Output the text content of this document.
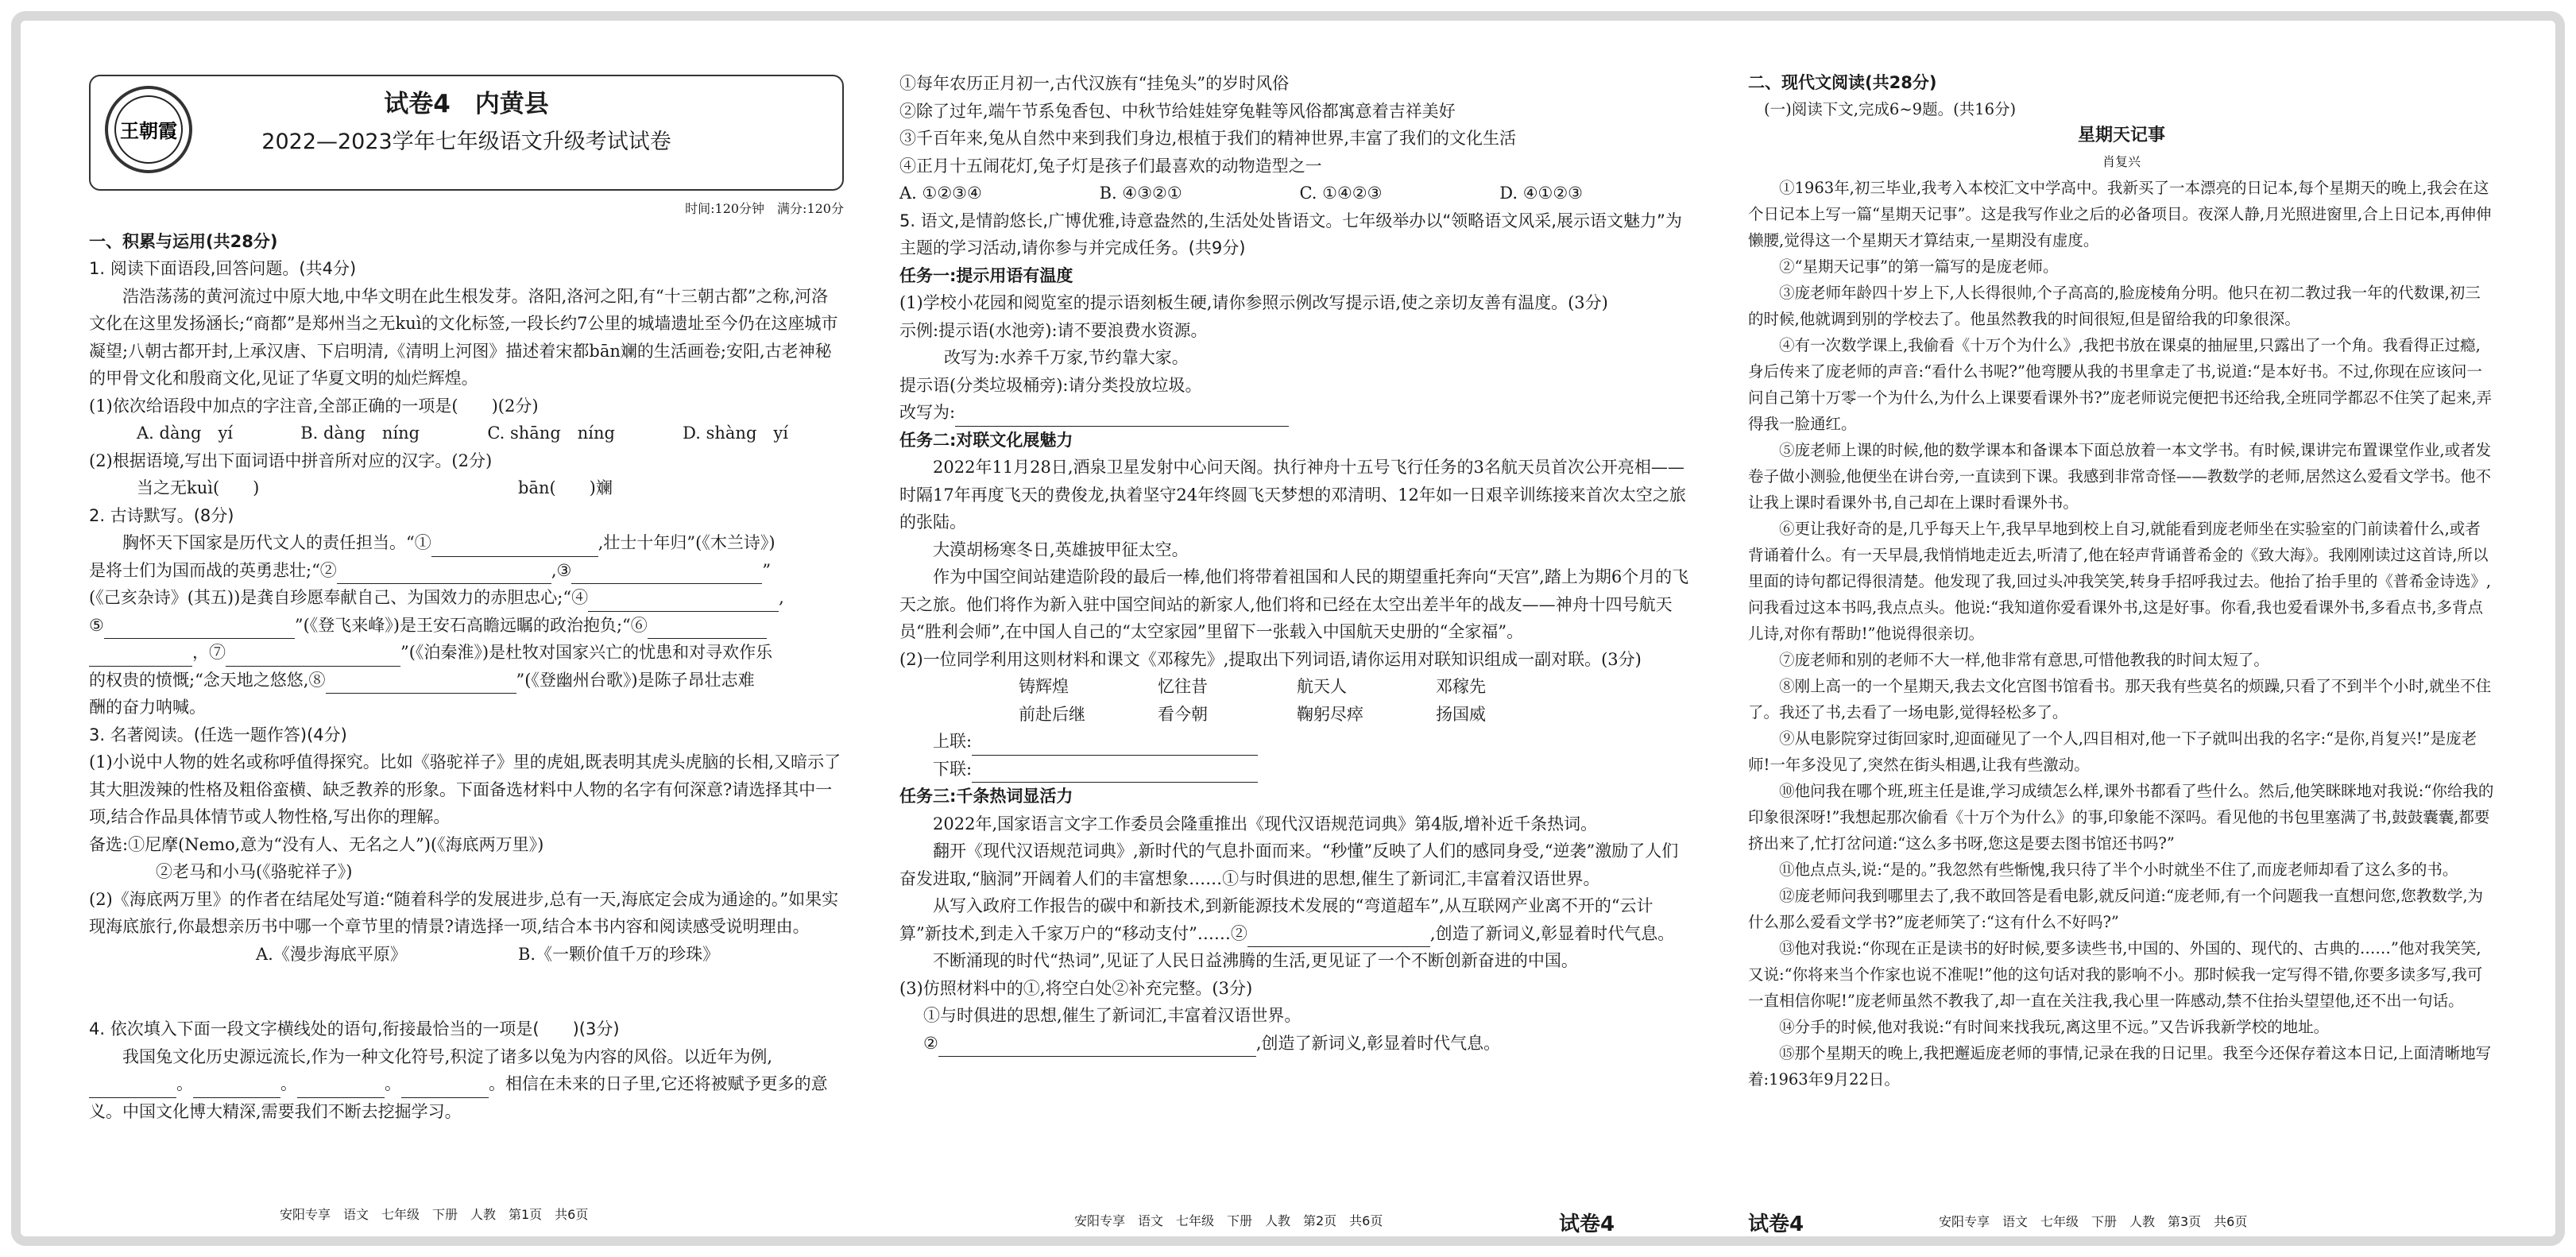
王朝霞
试卷4　内黄县
2022—2023学年七年级语文升级考试试卷
时间:120分钟　满分:120分

一、积累与运用(共28分)

1. 阅读下面语段,回答问题。(共4分)

浩浩荡荡的黄河流过中原大地,中华文明在此生根发芽。洛阳,洛河之阳,有“十三朝古都”之称,河洛文化在这里发扬涵长;“商都”是郑州当之无kuì的文化标签,一段长约7公里的城墙遗址至今仍在这座城市凝望;八朝古都开封,上承汉唐、下启明清,《清明上河图》描述着宋都bān斓的生活画卷;安阳,古老神秘的甲骨文化和殷商文化,见证了华夏文明的灿烂辉煌。

(1)依次给语段中加点的字注音,全部正确的一项是(　　)(2分)

A. dàng　yí	B. dàng　níng	C. shāng　níng	D. shàng　yí

(2)根据语境,写出下面词语中拼音所对应的汉字。(2分)

当之无kuì(　　)	bān(　　)斓

2. 古诗默写。(8分)

胸怀天下国家是历代文人的责任担当。“①	,壮士十年归”(《木兰诗》)

是将士们为国而战的英勇悲壮;“②	,③	”

(《己亥杂诗》(其五))是龚自珍愿奉献自己、为国效力的赤胆忠心;“④	,

⑤	”(《登飞来峰》)是王安石高瞻远瞩的政治抱负;“⑥

，⑦	”(《泊秦淮》)是杜牧对国家兴亡的忧患和对寻欢作乐

的权贵的愤慨;“念天地之悠悠,⑧	”(《登幽州台歌》)是陈子昂壮志难

酬的奋力呐喊。

3. 名著阅读。(任选一题作答)(4分)

(1)小说中人物的姓名或称呼值得探究。比如《骆驼祥子》里的虎姐,既表明其虎头虎脑的长相,又暗示了其大胆泼辣的性格及粗俗蛮横、缺乏教养的形象。下面备选材料中人物的名字有何深意?请选择其中一项,结合作品具体情节或人物性格,写出你的理解。

备选:①尼摩(Nemo,意为“没有人、无名之人”)(《海底两万里》)

②老马和小马(《骆驼祥子》)

(2)《海底两万里》的作者在结尾处写道:“随着科学的发展进步,总有一天,海底定会成为通途的。”如果实现海底旅行,你最想亲历书中哪一个章节里的情景?请选择一项,结合本书内容和阅读感受说明理由。

A.《漫步海底平原》	B.《一颗价值千万的珍珠》

4. 依次填入下面一段文字横线处的语句,衔接最恰当的一项是(　　)(3分)

我国兔文化历史源远流长,作为一种文化符号,积淀了诸多以兔为内容的风俗。以近年为例,。	。	。	。相信在未来的日子里,它还将被赋予更多的意义。中国文化博大精深,需要我们不断去挖掘学习。

安阳专享　语文　七年级　下册　人教　第1页　共6页

①每年农历正月初一,古代汉族有“挂兔头”的岁时风俗

②除了过年,端午节系兔香包、中秋节给娃娃穿兔鞋等风俗都寓意着吉祥美好

③千百年来,兔从自然中来到我们身边,根植于我们的精神世界,丰富了我们的文化生活

④正月十五闹花灯,兔子灯是孩子们最喜欢的动物造型之一

A. ①②③④	B. ④③②①	C. ①④②③	D. ④①②③

5. 语文,是情韵悠长,广博优雅,诗意盎然的,生活处处皆语文。七年级举办以“领略语文风采,展示语文魅力”为主题的学习活动,请你参与并完成任务。(共9分)

任务一:提示用语有温度

(1)学校小花园和阅览室的提示语刻板生硬,请你参照示例改写提示语,使之亲切友善有温度。(3分)

示例:提示语(水池旁):请不要浪费水资源。

改写为:水养千万家,节约靠大家。

提示语(分类垃圾桶旁):请分类投放垃圾。

改写为:

任务二:对联文化展魅力

2022年11月28日,酒泉卫星发射中心问天阁。执行神舟十五号飞行任务的3名航天员首次公开亮相——时隔17年再度飞天的费俊龙,执着坚守24年终圆飞天梦想的邓清明、12年如一日艰辛训练接来首次太空之旅的张陆。

大漠胡杨寒冬日,英雄披甲征太空。

作为中国空间站建造阶段的最后一棒,他们将带着祖国和人民的期望重托奔向“天宫”,踏上为期6个月的飞天之旅。他们将作为新入驻中国空间站的新家人,他们将和已经在太空出差半年的战友——神舟十四号航天员“胜利会师”,在中国人自己的“太空家园”里留下一张载入中国航天史册的“全家福”。

(2)一位同学利用这则材料和课文《邓稼先》,提取出下列词语,请你运用对联知识组成一副对联。(3分)

铸辉煌	忆往昔	航天人	邓稼先
前赴后继	看今朝	鞠躬尽瘁	扬国威

上联:

下联:

任务三:千条热词显活力

2022年,国家语言文字工作委员会隆重推出《现代汉语规范词典》第4版,增补近千条热词。

翻开《现代汉语规范词典》,新时代的气息扑面而来。“秒懂”反映了人们的感同身受,“逆袭”激励了人们奋发进取,“脑洞”开阔着人们的丰富想象……①与时俱进的思想,催生了新词汇,丰富着汉语世界。

从写入政府工作报告的碳中和新技术,到新能源技术发展的“弯道超车”,从互联网产业离不开的“云计算”新技术,到走入千家万户的“移动支付”……②	,创造了新词义,彰显着时代气息。

不断涌现的时代“热词”,见证了人民日益沸腾的生活,更见证了一个不断创新奋进的中国。

(3)仿照材料中的①,将空白处②补充完整。(3分)

①与时俱进的思想,催生了新词汇,丰富着汉语世界。

②	,创造了新词义,彰显着时代气息。

安阳专享　语文　七年级　下册　人教　第2页　共6页	试卷4

二、现代文阅读(共28分)

(一)阅读下文,完成6~9题。(共16分)

星期天记事

肖复兴

①1963年,初三毕业,我考入本校汇文中学高中。我新买了一本漂亮的日记本,每个星期天的晚上,我会在这个日记本上写一篇“星期天记事”。这是我写作业之后的必备项目。夜深人静,月光照进窗里,合上日记本,再伸伸懒腰,觉得这一个星期天才算结束,一星期没有虚度。

②“星期天记事”的第一篇写的是庞老师。

③庞老师年龄四十岁上下,人长得很帅,个子高高的,脸庞棱角分明。他只在初二教过我一年的代数课,初三的时候,他就调到别的学校去了。他虽然教我的时间很短,但是留给我的印象很深。

④有一次数学课上,我偷看《十万个为什么》,我把书放在课桌的抽屉里,只露出了一个角。我看得正过瘾,身后传来了庞老师的声音:“看什么书呢?”他弯腰从我的书里拿走了书,说道:“是本好书。不过,你现在应该问一问自己第十万零一个为什么,为什么上课要看课外书?”庞老师说完便把书还给我,全班同学都忍不住笑了起来,弄得我一脸通红。

⑤庞老师上课的时候,他的数学课本和备课本下面总放着一本文学书。有时候,课讲完布置课堂作业,或者发卷子做小测验,他便坐在讲台旁,一直读到下课。我感到非常奇怪——教数学的老师,居然这么爱看文学书。他不让我上课时看课外书,自己却在上课时看课外书。

⑥更让我好奇的是,几乎每天上午,我早早地到校上自习,就能看到庞老师坐在实验室的门前读着什么,或者背诵着什么。有一天早晨,我悄悄地走近去,听清了,他在轻声背诵普希金的《致大海》。我刚刚读过这首诗,所以里面的诗句都记得很清楚。他发现了我,回过头冲我笑笑,转身手招呼我过去。他抬了抬手里的《普希金诗选》,问我看过这本书吗,我点点头。他说:“我知道你爱看课外书,这是好事。你看,我也爱看课外书,多看点书,多背点儿诗,对你有帮助!”他说得很亲切。

⑦庞老师和别的老师不大一样,他非常有意思,可惜他教我的时间太短了。

⑧刚上高一的一个星期天,我去文化宫图书馆看书。那天我有些莫名的烦躁,只看了不到半个小时,就坐不住了。我还了书,去看了一场电影,觉得轻松多了。

⑨从电影院穿过街回家时,迎面碰见了一个人,四目相对,他一下子就叫出我的名字:“是你,肖复兴!”是庞老师!一年多没见了,突然在街头相遇,让我有些激动。

⑩他问我在哪个班,班主任是谁,学习成绩怎么样,课外书都看了些什么。然后,他笑眯眯地对我说:“你给我的印象很深呀!”我想起那次偷看《十万个为什么》的事,印象能不深吗。看见他的书包里塞满了书,鼓鼓囊囊,都要挤出来了,忙打岔问道:“这么多书呀,您这是要去图书馆还书吗?”

⑪他点点头,说:“是的。”我忽然有些惭愧,我只待了半个小时就坐不住了,而庞老师却看了这么多的书。

⑫庞老师问我到哪里去了,我不敢回答是看电影,就反问道:“庞老师,有一个问题我一直想问您,您教数学,为什么那么爱看文学书?”庞老师笑了:“这有什么不好吗?”

⑬他对我说:“你现在正是读书的好时候,要多读些书,中国的、外国的、现代的、古典的……”他对我笑笑,又说:“你将来当个作家也说不准呢!”他的这句话对我的影响不小。那时候我一定写得不错,你要多读多写,我可一直相信你呢!”庞老师虽然不教我了,却一直在关注我,我心里一阵感动,禁不住抬头望望他,还不出一句话。

⑭分手的时候,他对我说:“有时间来找我玩,离这里不远。”又告诉我新学校的地址。

⑮那个星期天的晚上,我把邂逅庞老师的事情,记录在我的日记里。我至今还保存着这本日记,上面清晰地写着:1963年9月22日。

试卷4	安阳专享　语文　七年级　下册　人教　第3页　共6页
